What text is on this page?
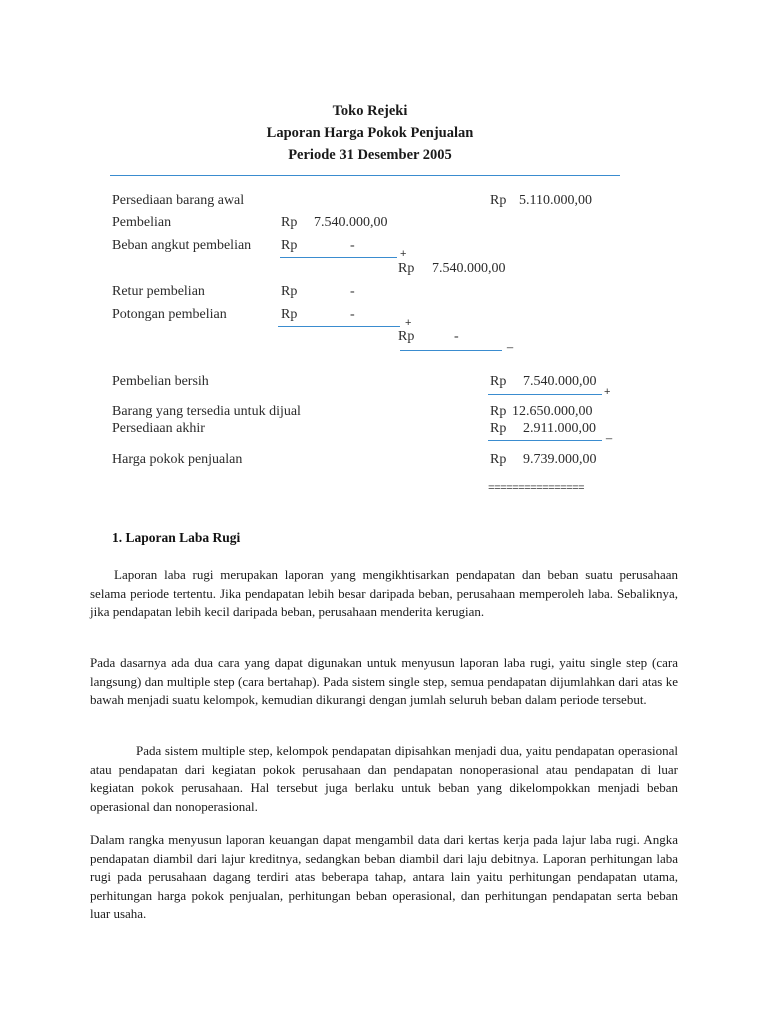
Toko Rejeki
Laporan Harga Pokok Penjualan
Periode 31 Desember 2005
Persediaan barang awal	Rp 5.110.000,00
Pembelian	Rp 7.540.000,00
Beban angkut pembelian Rp	-
+
Rp 7.540.000,00
Retur pembelian	Rp	-
Potongan pembelian	Rp	-
+
Rp	-	_
Pembelian bersih	Rp 7.540.000,00
+
Barang yang tersedia untuk dijual	Rp 12.650.000,00
Persediaan akhir	Rp 2.911.000,00 _
Harga pokok penjualan	Rp 9.739.000,00
================
1. Laporan Laba Rugi

Laporan laba rugi merupakan laporan yang mengikhtisarkan pendapatan dan beban suatu perusahaan selama periode tertentu. Jika pendapatan lebih besar daripada beban, perusahaan memperoleh laba. Sebaliknya, jika pendapatan lebih kecil daripada beban, perusahaan menderita kerugian.

Pada dasarnya ada dua cara yang dapat digunakan untuk menyusun laporan laba rugi, yaitu single step (cara langsung) dan multiple step (cara bertahap). Pada sistem single step, semua pendapatan dijumlahkan dari atas ke bawah menjadi suatu kelompok, kemudian dikurangi dengan jumlah seluruh beban dalam periode tersebut.

Pada sistem multiple step, kelompok pendapatan dipisahkan menjadi dua, yaitu pendapatan operasional atau pendapatan dari kegiatan pokok perusahaan dan pendapatan nonoperasional atau pendapatan di luar kegiatan pokok perusahaan. Hal tersebut juga berlaku untuk beban yang dikelompokkan menjadi beban operasional dan nonoperasional.

Dalam rangka menyusun laporan keuangan dapat mengambil data dari kertas kerja pada lajur laba rugi. Angka pendapatan diambil dari lajur kreditnya, sedangkan beban diambil dari laju debitnya. Laporan perhitungan laba rugi pada perusahaan dagang terdiri atas beberapa tahap, antara lain yaitu perhitungan pendapatan utama, perhitungan harga pokok penjualan, perhitungan beban operasional, dan perhitungan pendapatan serta beban luar usaha.
